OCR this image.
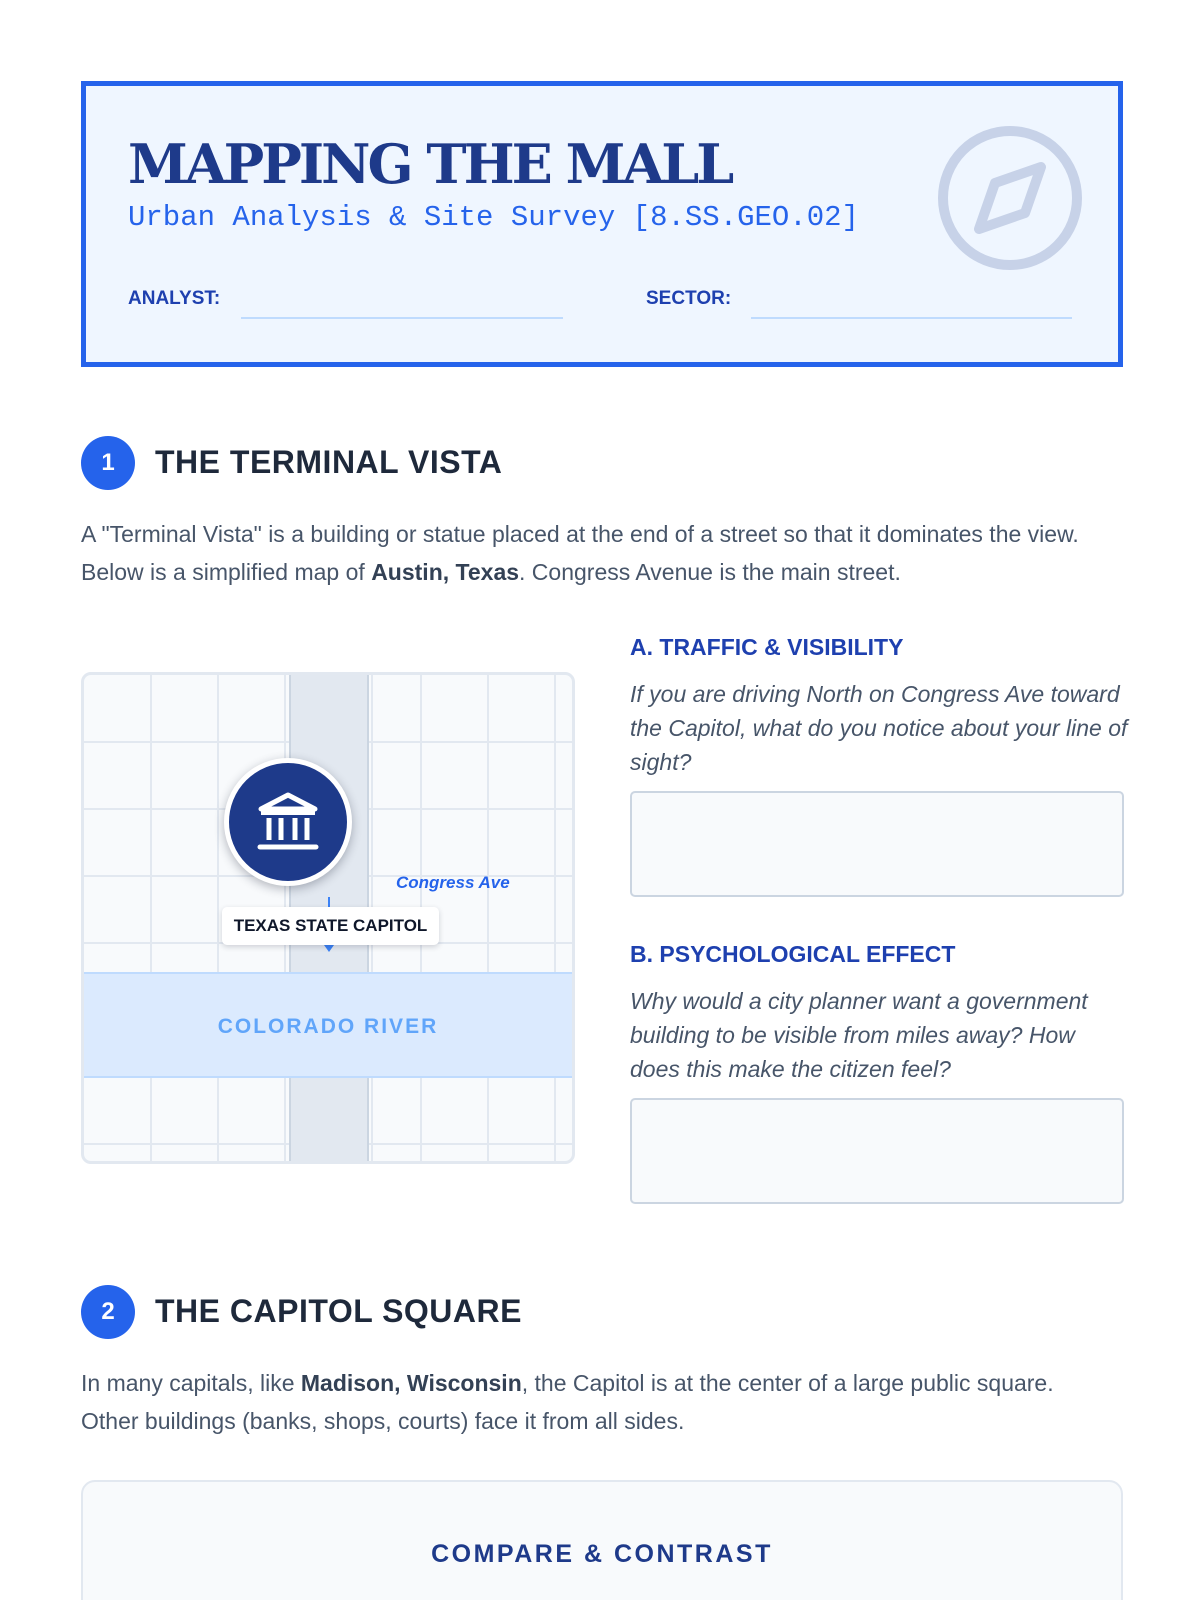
MAPPING THE MALL
Urban Analysis & Site Survey [8.SS.GEO.02]
ANALYST:	SECTOR:
1	THE TERMINAL VISTA
A "Terminal Vista" is a building or statue placed at the end of a street so that it dominates the view. Below is a simplified map of Austin, Texas. Congress Avenue is the main street.
COLORADO RIVER
Congress Ave
TEXAS STATE CAPITOL
A. TRAFFIC & VISIBILITY
If you are driving North on Congress Ave toward the Capitol, what do you notice about your line of sight?
B. PSYCHOLOGICAL EFFECT
Why would a city planner want a government building to be visible from miles away? How does this make the citizen feel?
2	THE CAPITOL SQUARE
In many capitals, like Madison, Wisconsin, the Capitol is at the center of a large public square. Other buildings (banks, shops, courts) face it from all sides.
COMPARE & CONTRAST
